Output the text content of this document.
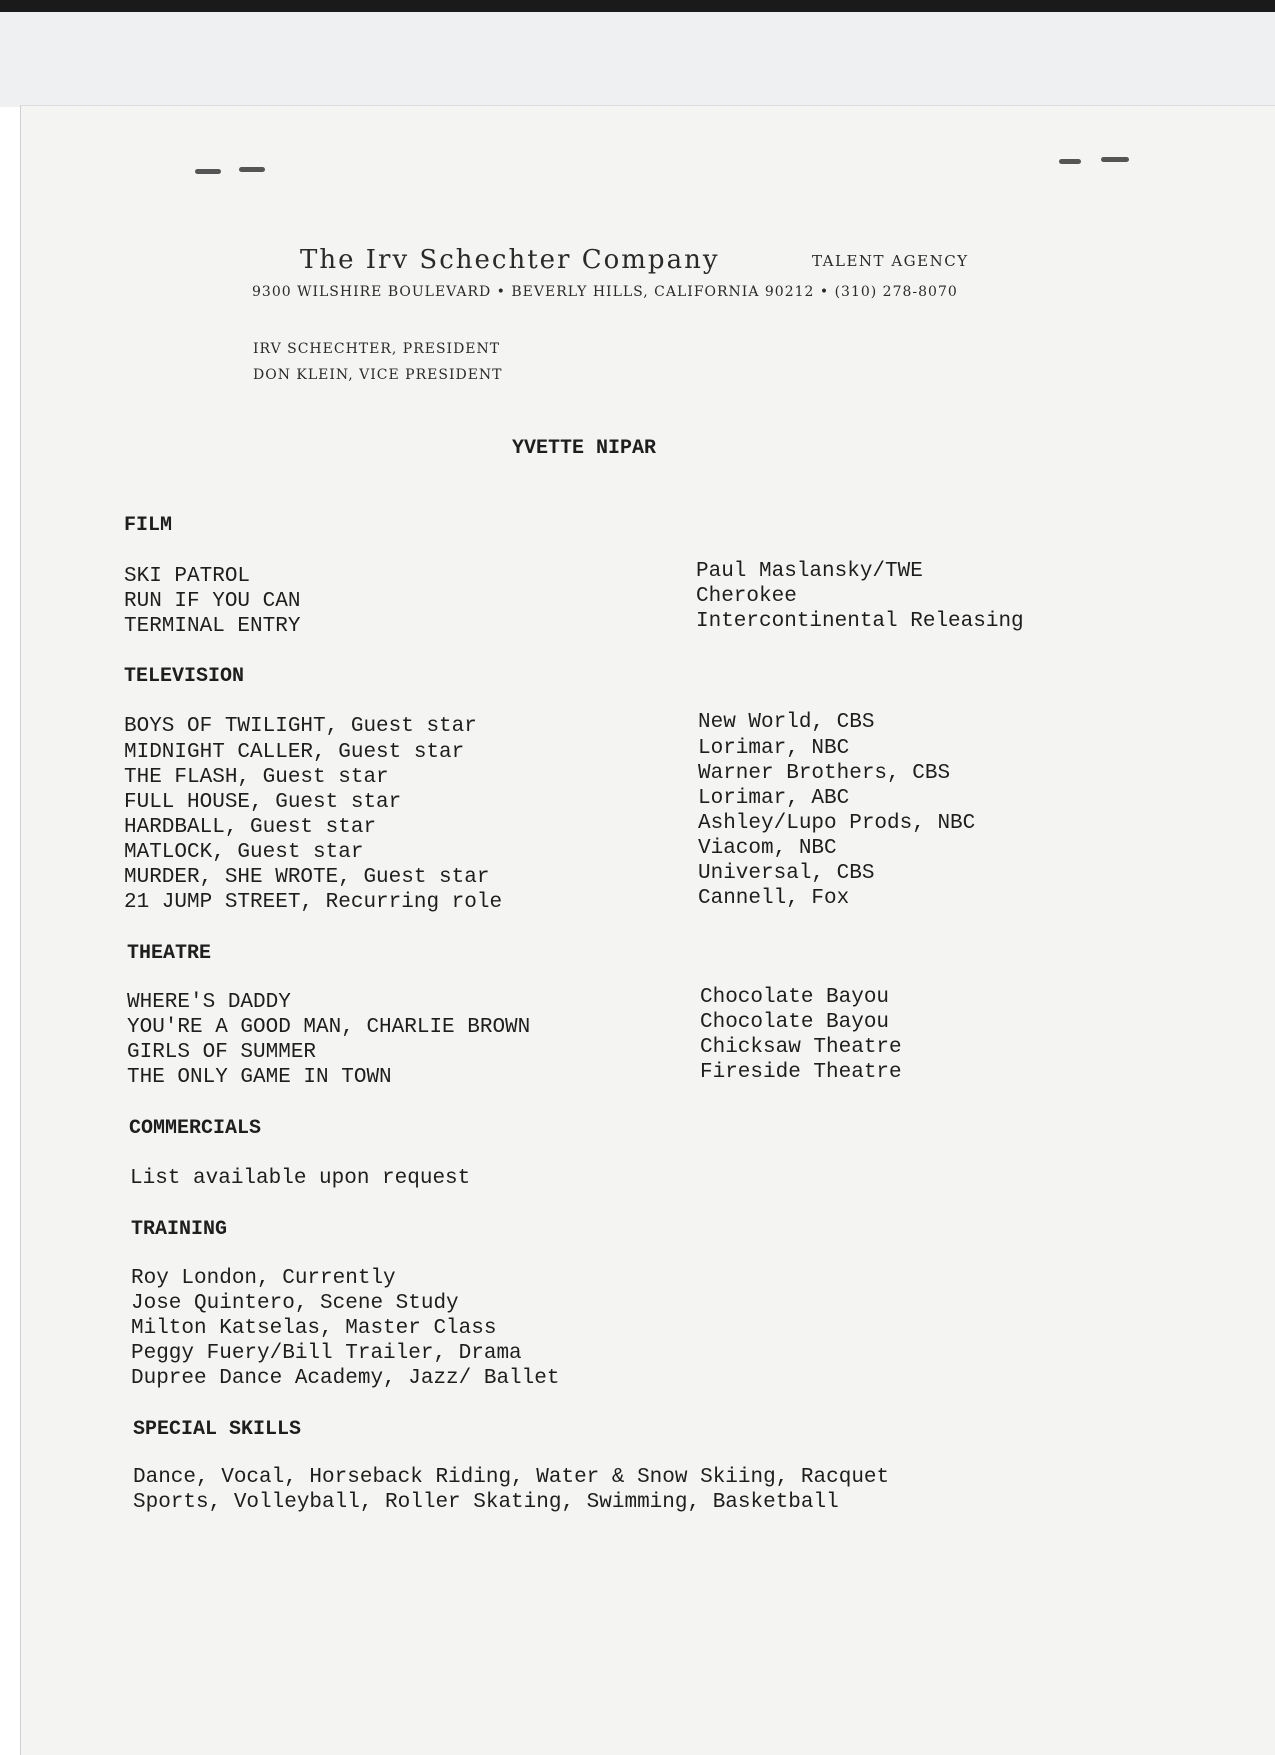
The Irv Schechter Company	TALENT AGENCY
9300 WILSHIRE BOULEVARD • BEVERLY HILLS, CALIFORNIA 90212 • (310) 278-8070
IRV SCHECHTER, PRESIDENT
DON KLEIN, VICE PRESIDENT
YVETTE NIPAR
FILM
SKI PATROL	Paul Maslansky/TWE
RUN IF YOU CAN	Cherokee
TERMINAL ENTRY	Intercontinental Releasing
TELEVISION
BOYS OF TWILIGHT, Guest star	New World, CBS
MIDNIGHT CALLER, Guest star	Lorimar, NBC
THE FLASH, Guest star	Warner Brothers, CBS
FULL HOUSE, Guest star	Lorimar, ABC
HARDBALL, Guest star	Ashley/Lupo Prods, NBC
MATLOCK, Guest star	Viacom, NBC
MURDER, SHE WROTE, Guest star	Universal, CBS
21 JUMP STREET, Recurring role	Cannell, Fox
THEATRE
WHERE'S DADDY	Chocolate Bayou
YOU'RE A GOOD MAN, CHARLIE BROWN	Chocolate Bayou
GIRLS OF SUMMER	Chicksaw Theatre
THE ONLY GAME IN TOWN	Fireside Theatre
COMMERCIALS
List available upon request
TRAINING
Roy London, Currently
Jose Quintero, Scene Study
Milton Katselas, Master Class
Peggy Fuery/Bill Trailer, Drama
Dupree Dance Academy, Jazz/ Ballet
SPECIAL SKILLS
Dance, Vocal, Horseback Riding, Water & Snow Skiing, Racquet
Sports, Volleyball, Roller Skating, Swimming, Basketball
